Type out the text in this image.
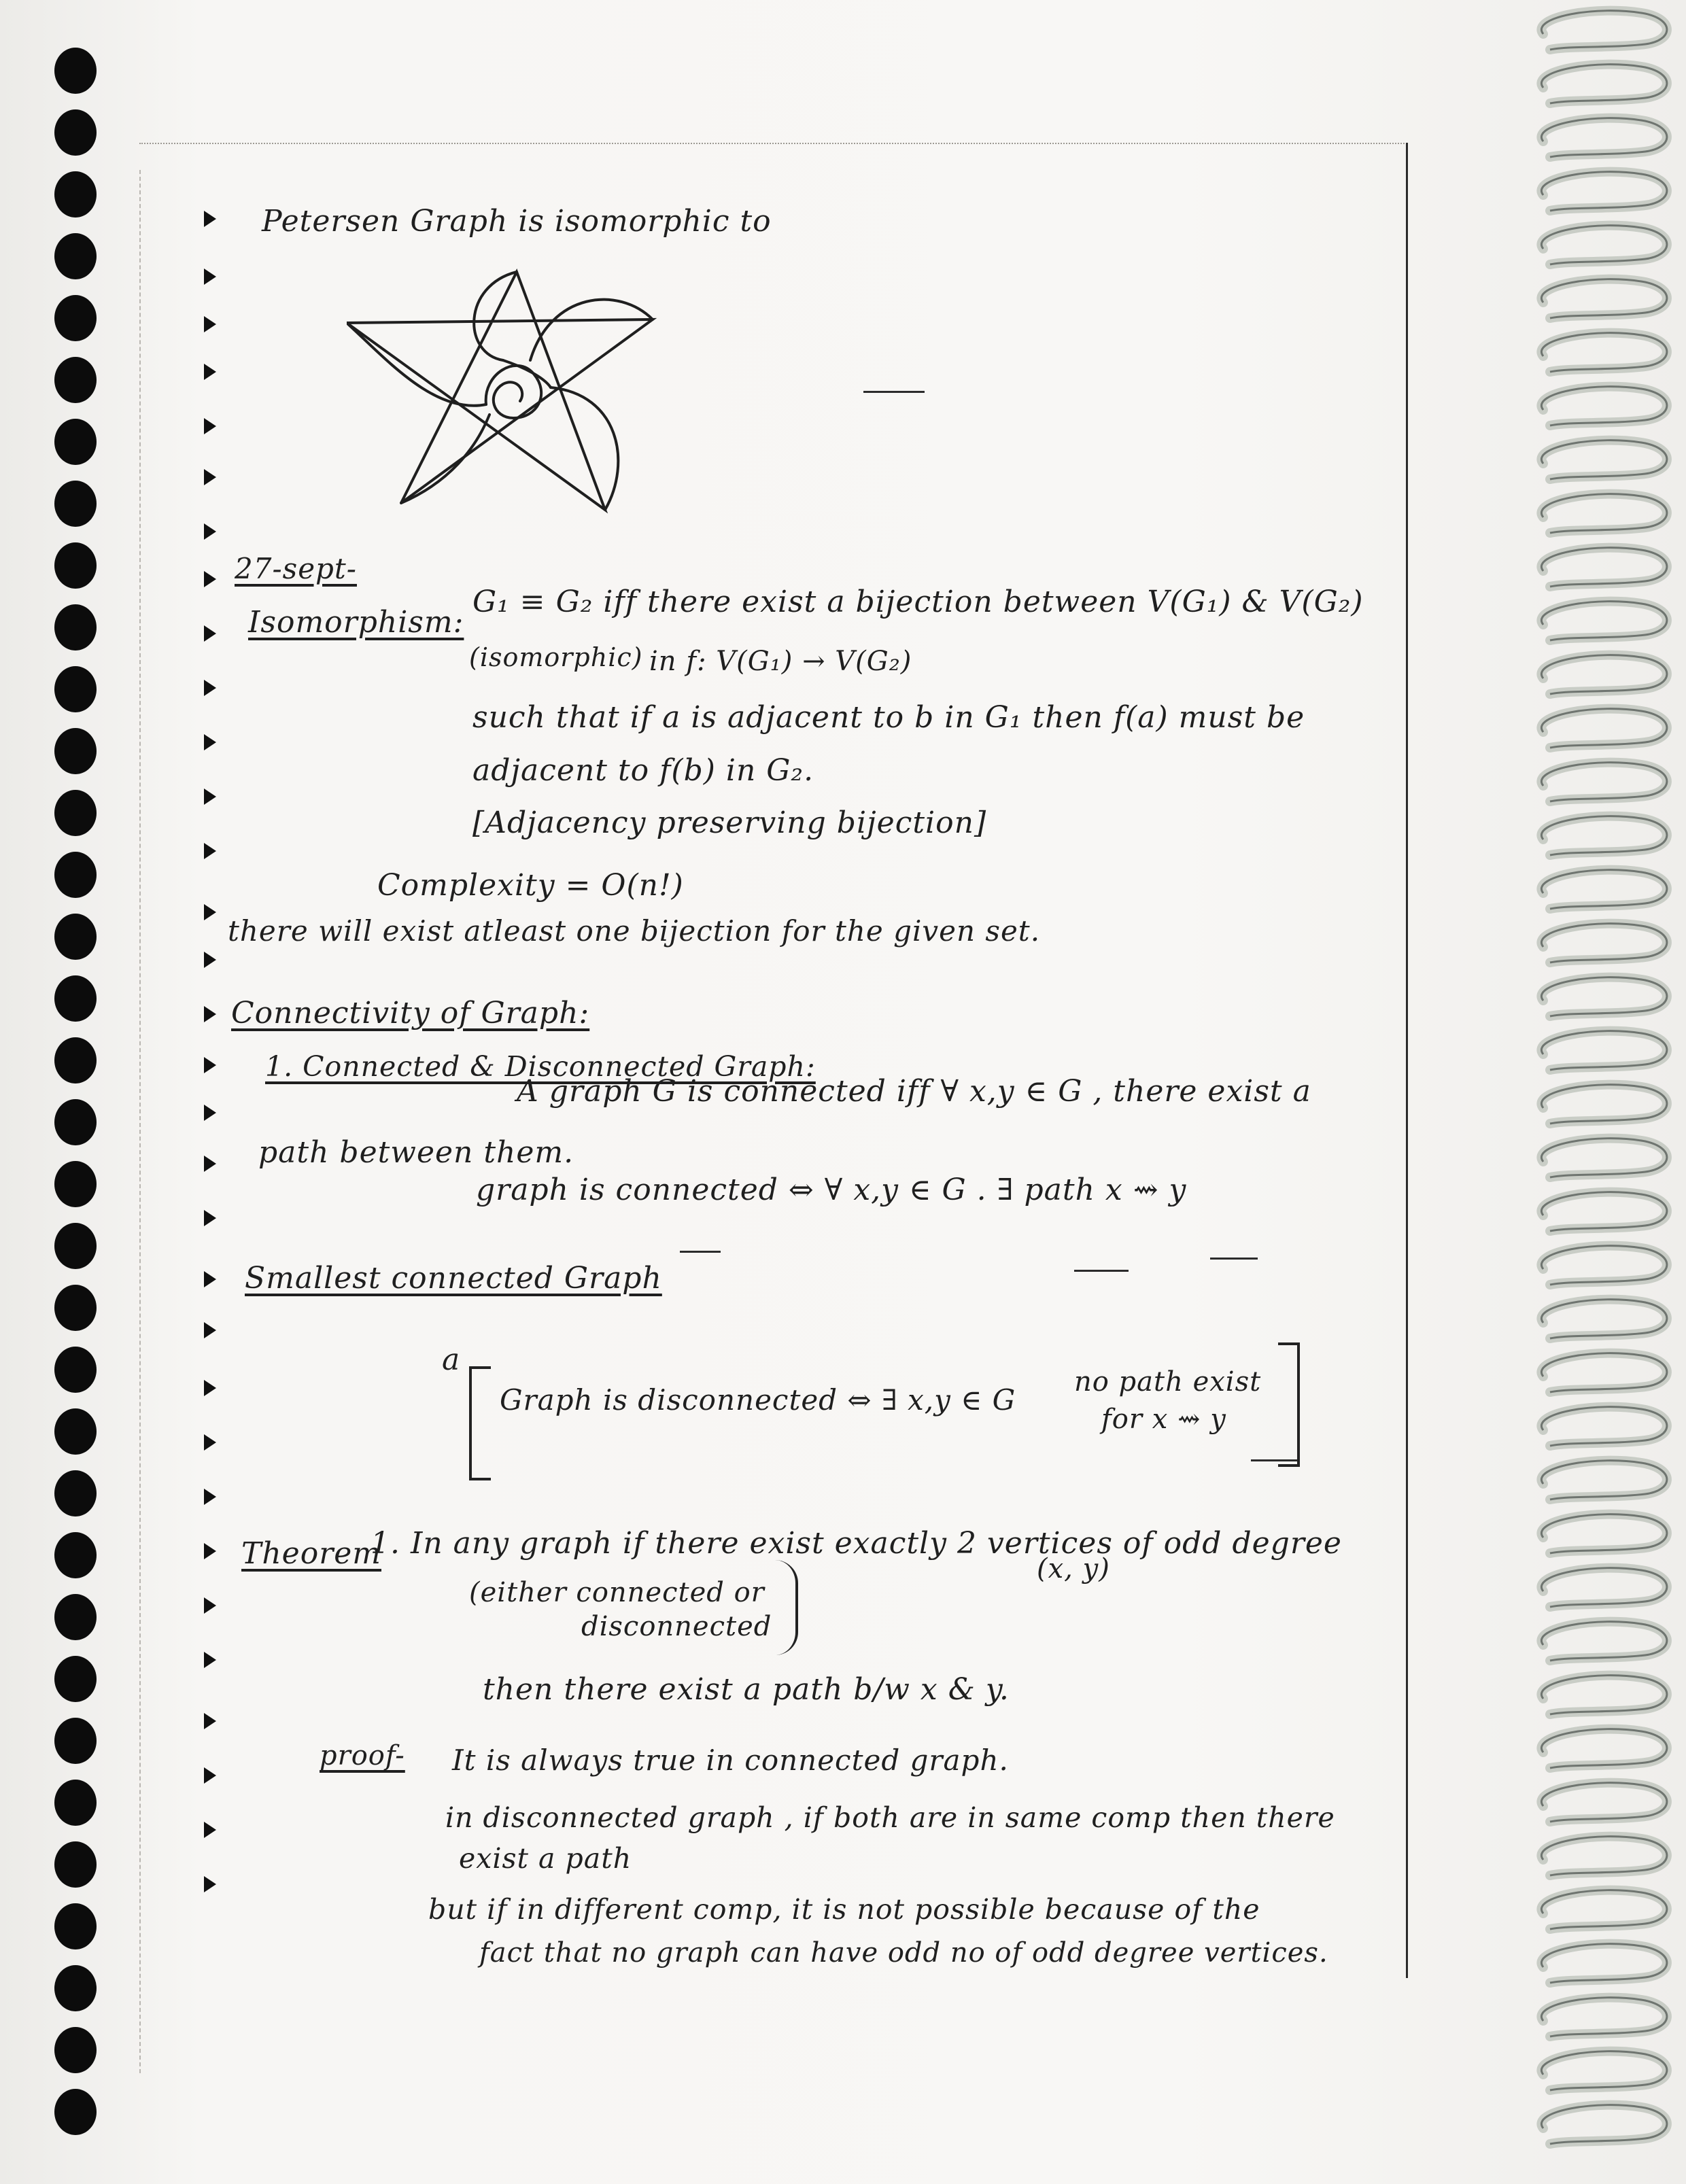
Petersen Graph is isomorphic to
27-sept-
Isomorphism:
G₁ ≡ G₂ iff there exist a bijection between V(G₁) & V(G₂)
(isomorphic) in f: V(G₁) → V(G₂)
such that if a is adjacent to b in G₁ then f(a) must be
adjacent to f(b) in G₂.
[Adjacency preserving bijection]
Complexity = O(n!)
there will exist atleast one bijection for the given set.
Connectivity of Graph:
1. Connected & Disconnected Graph:
A graph G is connected iff ∀ x,y ∈ G , there exist a
path between them.
graph is connected ⇔ ∀ x,y ∈ G . ∃ path x ⇝ y
Smallest connected Graph
a
Graph is disconnected ⇔ ∃ x,y ∈ G
no path exist
for x ⇝ y
Theorem
1. In any graph if there exist exactly 2 vertices of odd degree
(x, y)
(either connected or
disconnected
then there exist a path b/w x & y.
proof- It is always true in connected graph.
in disconnected graph , if both are in same comp then there
exist a path
but if in different comp, it is not possible because of the
fact that no graph can have odd no of odd degree vertices.
